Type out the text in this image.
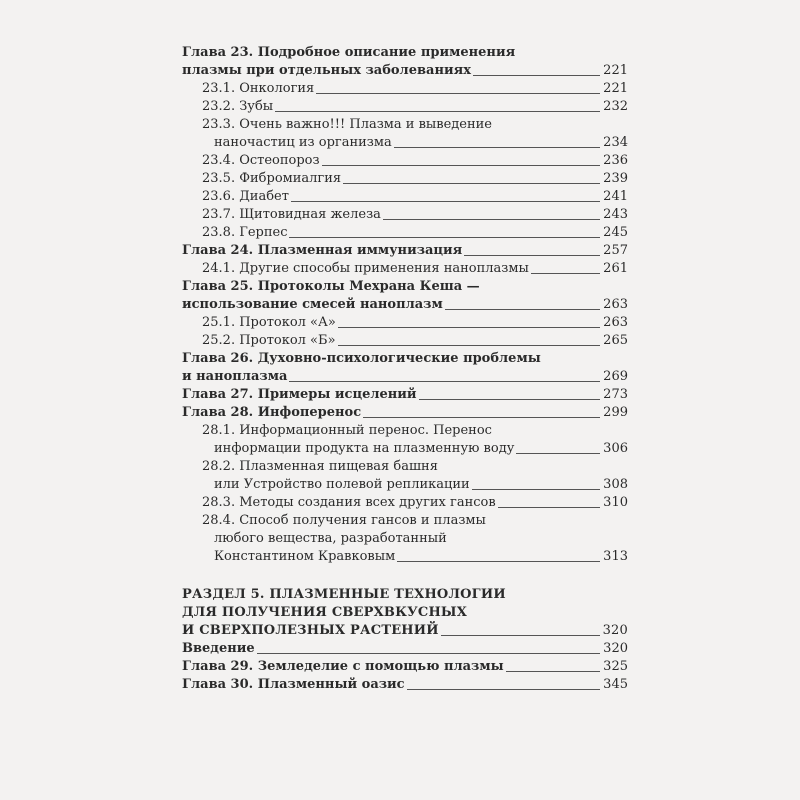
Глава 23. Подробное описание применения
плазмы при отдельных заболеваниях	221
23.1. Онкология	221
23.2. Зубы	232
23.3. Очень важно!!! Плазма и выведение
наночастиц из организма	234
23.4. Остеопороз	236
23.5. Фибромиалгия	239
23.6. Диабет	241
23.7. Щитовидная железа	243
23.8. Герпес	245
Глава 24. Плазменная иммунизация	257
24.1. Другие способы применения наноплазмы	261
Глава 25. Протоколы Мехрана Кеша —
использование смесей наноплазм	263
25.1. Протокол «А»	263
25.2. Протокол «Б»	265
Глава 26. Духовно-психологические проблемы
и наноплазма	269
Глава 27. Примеры исцелений	273
Глава 28. Инфоперенос	299
28.1. Информационный перенос. Перенос
информации продукта на плазменную воду	306
28.2. Плазменная пищевая башня
или Устройство полевой репликации	308
28.3. Методы создания всех других гансов	310
28.4. Способ получения гансов и плазмы
любого вещества, разработанный
Константином Кравковым	313
РАЗДЕЛ 5. ПЛАЗМЕННЫЕ ТЕХНОЛОГИИ
ДЛЯ ПОЛУЧЕНИЯ СВЕРХВКУСНЫХ
И СВЕРХПОЛЕЗНЫХ РАСТЕНИЙ	320
Введение	320
Глава 29. Земледелие с помощью плазмы	325
Глава 30. Плазменный оазис	345
